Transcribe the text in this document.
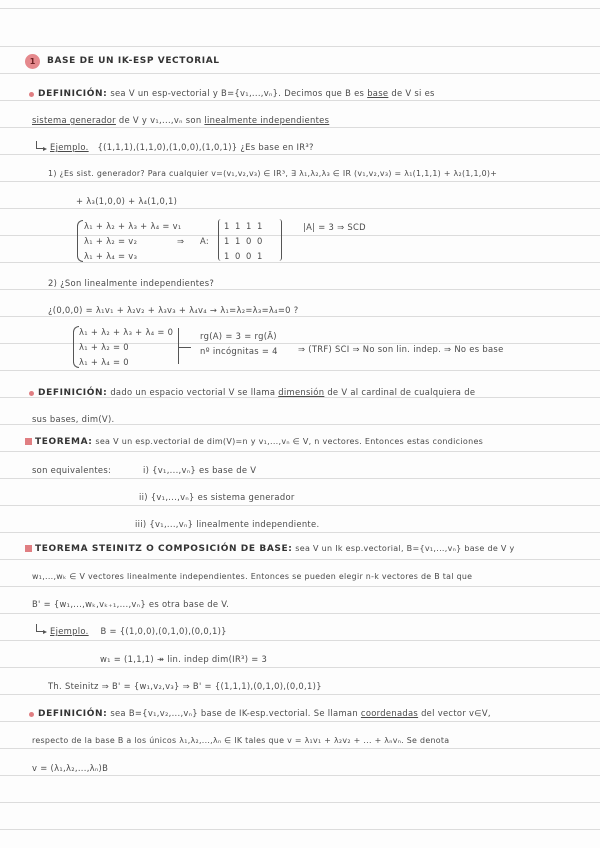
1	BASE DE UN IK-ESP VECTORIAL
DEFINICIÓN: sea V un esp-vectorial y B={v₁,...,vₙ}. Decimos que B es base de V si es
sistema generador de V y v₁,...,vₙ son linealmente independientes
Ejemplo. {(1,1,1),(1,1,0),(1,0,0),(1,0,1)} ¿Es base en IR³?
1) ¿Es sist. generador? Para cualquier v=(v₁,v₂,v₃) ∈ IR³, ∃ λ₁,λ₂,λ₃ ∈ IR (v₁,v₂,v₃) = λ₁(1,1,1) + λ₂(1,1,0)+
+ λ₃(1,0,0) + λ₄(1,0,1)
λ₁ + λ₂ + λ₃ + λ₄ = v₁
λ₁ + λ₂ = v₂
λ₁ + λ₄ = v₃
⇒ A:
1 1 1 1
1 1 0 0
1 0 0 1
|A| = 3 ⇒ SCD
2) ¿Son linealmente independientes?
¿(0,0,0) = λ₁v₁ + λ₂v₂ + λ₃v₃ + λ₄v₄ → λ₁=λ₂=λ₃=λ₄=0 ?
λ₁ + λ₂ + λ₃ + λ₄ = 0
λ₁ + λ₂ = 0
λ₁ + λ₄ = 0
rg(A) = 3 = rg(Ā)
nº incógnitas = 4 ⇒ (TRF) SCI ⇒ No son lin. indep. ⇒ No es base
DEFINICIÓN: dado un espacio vectorial V se llama dimensión de V al cardinal de cualquiera de
sus bases, dim(V).
TEOREMA: sea V un esp.vectorial de dim(V)=n y v₁,...,vₙ ∈ V, n vectores. Entonces estas condiciones
son equivalentes:	i) {v₁,...,vₙ} es base de V
ii) {v₁,...,vₙ} es sistema generador
iii) {v₁,...,vₙ} linealmente independiente.
TEOREMA STEINITZ O COMPOSICIÓN DE BASE: sea V un Ik esp.vectorial, B={v₁,...,vₙ} base de V y
w₁,...,wₖ ∈ V vectores linealmente independientes. Entonces se pueden elegir n-k vectores de B tal que
B' = {w₁,...,wₖ,vₖ₊₁,...,vₙ} es otra base de V.
Ejemplo. B = {(1,0,0),(0,1,0),(0,0,1)}
w₁ = (1,1,1) ↠ lin. indep dim(IR³) = 3
Th. Steinitz ⇒ B' = {w₁,v₂,v₃} ⇒ B' = {(1,1,1),(0,1,0),(0,0,1)}
DEFINICIÓN: sea B={v₁,v₂,...,vₙ} base de IK-esp.vectorial. Se llaman coordenadas del vector v∈V,
respecto de la base B a los únicos λ₁,λ₂,...,λₙ ∈ IK tales que v = λ₁v₁ + λ₂v₂ + ... + λₙvₙ. Se denota
v = (λ₁,λ₂,...,λₙ)B
